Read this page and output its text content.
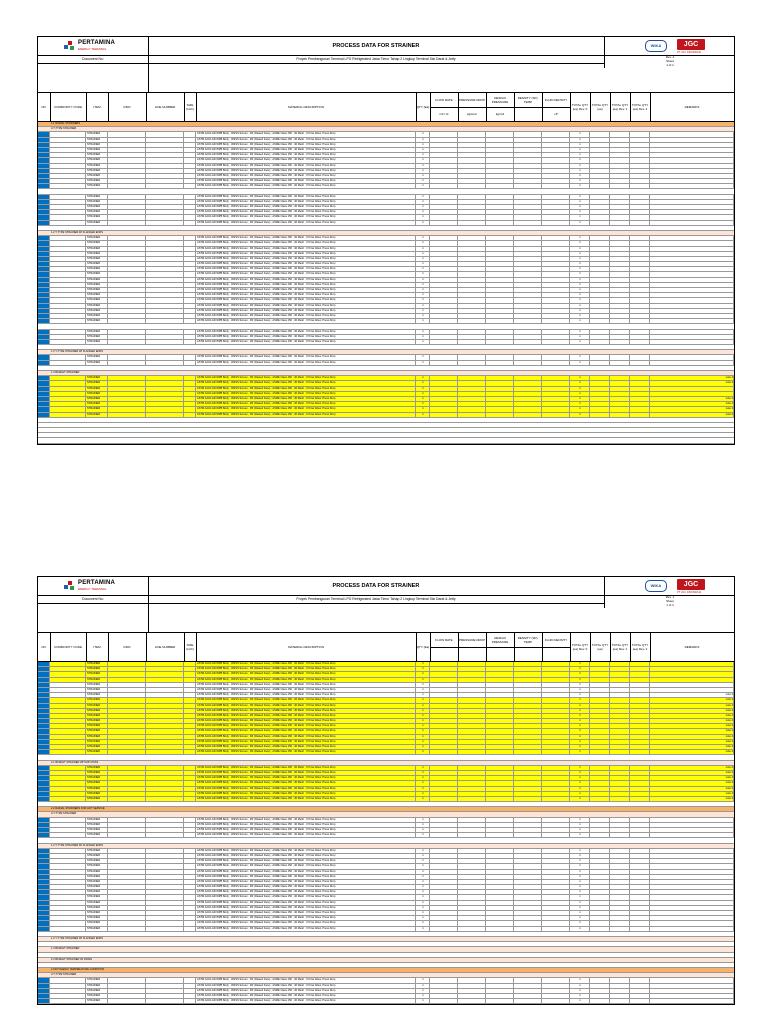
PERTAMINA
ENERGY TERMINAL
Document No:
PROCESS DATA FOR STRAINER
Proyek Pembangunan Terminal LPG Refrigerated Jawa Timur Tahap 2 Lingkup Terminal Sisi Darat & Jetty
WIKA	JGC
PT JGC INDONESIA
Rev. 1
Sheet
1 of 1
NO.	COMMODITY CODE	ITEM	P&ID	LINE NUMBER	SIZE (Inch)	MATERIAL DESCRIPTION	QTY (Ea)
FLOW RATE	PRESSURE DROP	DESIGN PRESSURE
DENSITY (SP), TEMP	FLUID DENSITY
m3 / hr	kg/cm2	kg/m3	cP
TOTAL QTY (ea) Rev. 0
TOTAL QTY (ea)
TOTAL QTY (ea) Rev. 1
TOTAL QTY (ea) Rev. 2	REMARKS
1.1 RADIAL STRAINERS
A T-TYPE STRAINER
STRAINER	ASTM A234-GR.WPB Body ; 304SS Screen ; RF (Raised Face) ; ASME Class 150 ; 40 Mesh ; 0.5 bar Allow. Press Drop	1	1
STRAINER	ASTM A234-GR.WPB Body ; 304SS Screen ; RF (Raised Face) ; ASME Class 150 ; 40 Mesh ; 0.5 bar Allow. Press Drop	1	1
STRAINER	ASTM A234-GR.WPB Body ; 304SS Screen ; RF (Raised Face) ; ASME Class 150 ; 40 Mesh ; 0.5 bar Allow. Press Drop	1	1
STRAINER	ASTM A234-GR.WPB Body ; 304SS Screen ; RF (Raised Face) ; ASME Class 150 ; 40 Mesh ; 0.5 bar Allow. Press Drop	1	1
STRAINER	ASTM A234-GR.WPB Body ; 304SS Screen ; RF (Raised Face) ; ASME Class 150 ; 40 Mesh ; 0.5 bar Allow. Press Drop	1	1
STRAINER	ASTM A234-GR.WPB Body ; 304SS Screen ; RF (Raised Face) ; ASME Class 150 ; 40 Mesh ; 0.5 bar Allow. Press Drop	1	1
STRAINER	ASTM A234-GR.WPB Body ; 304SS Screen ; RF (Raised Face) ; ASME Class 150 ; 40 Mesh ; 0.5 bar Allow. Press Drop	1	1
STRAINER	ASTM A234-GR.WPB Body ; 304SS Screen ; RF (Raised Face) ; ASME Class 150 ; 40 Mesh ; 0.5 bar Allow. Press Drop	1	1
STRAINER	ASTM A234-GR.WPB Body ; 304SS Screen ; RF (Raised Face) ; ASME Class 150 ; 40 Mesh ; 0.5 bar Allow. Press Drop	1	1
STRAINER	ASTM A234-GR.WPB Body ; 304SS Screen ; RF (Raised Face) ; ASME Class 150 ; 40 Mesh ; 0.5 bar Allow. Press Drop	1	1
STRAINER	ASTM A234-GR.WPB Body ; 304SS Screen ; RF (Raised Face) ; ASME Class 150 ; 40 Mesh ; 0.5 bar Allow. Press Drop	1	1
STRAINER	ASTM A234-GR.WPB Body ; 304SS Screen ; RF (Raised Face) ; ASME Class 150 ; 40 Mesh ; 0.5 bar Allow. Press Drop	1	1
STRAINER	ASTM A234-GR.WPB Body ; 304SS Screen ; RF (Raised Face) ; ASME Class 150 ; 40 Mesh ; 0.5 bar Allow. Press Drop	1	1
STRAINER	ASTM A234-GR.WPB Body ; 304SS Screen ; RF (Raised Face) ; ASME Class 150 ; 40 Mesh ; 0.5 bar Allow. Press Drop	1	1
STRAINER	ASTM A234-GR.WPB Body ; 304SS Screen ; RF (Raised Face) ; ASME Class 150 ; 40 Mesh ; 0.5 bar Allow. Press Drop	1	1
STRAINER	ASTM A234-GR.WPB Body ; 304SS Screen ; RF (Raised Face) ; ASME Class 150 ; 40 Mesh ; 0.5 bar Allow. Press Drop	1	1
STRAINER	ASTM A234-GR.WPB Body ; 304SS Screen ; RF (Raised Face) ; ASME Class 150 ; 40 Mesh ; 0.5 bar Allow. Press Drop	1	1
1.2 T-TYPE STRAINER W/ FLANGED ENDS
STRAINER	ASTM A234-GR.WPB Body ; 304SS Screen ; RF (Raised Face) ; ASME Class 150 ; 40 Mesh ; 0.5 bar Allow. Press Drop	1	1
STRAINER	ASTM A234-GR.WPB Body ; 304SS Screen ; RF (Raised Face) ; ASME Class 150 ; 40 Mesh ; 0.5 bar Allow. Press Drop	1	1
STRAINER	ASTM A234-GR.WPB Body ; 304SS Screen ; RF (Raised Face) ; ASME Class 150 ; 40 Mesh ; 0.5 bar Allow. Press Drop	1	1
STRAINER	ASTM A234-GR.WPB Body ; 304SS Screen ; RF (Raised Face) ; ASME Class 150 ; 40 Mesh ; 0.5 bar Allow. Press Drop	1	1
STRAINER	ASTM A234-GR.WPB Body ; 304SS Screen ; RF (Raised Face) ; ASME Class 150 ; 40 Mesh ; 0.5 bar Allow. Press Drop	1	1
STRAINER	ASTM A234-GR.WPB Body ; 304SS Screen ; RF (Raised Face) ; ASME Class 150 ; 40 Mesh ; 0.5 bar Allow. Press Drop	1	1
STRAINER	ASTM A234-GR.WPB Body ; 304SS Screen ; RF (Raised Face) ; ASME Class 150 ; 40 Mesh ; 0.5 bar Allow. Press Drop	1	1
STRAINER	ASTM A234-GR.WPB Body ; 304SS Screen ; RF (Raised Face) ; ASME Class 150 ; 40 Mesh ; 0.5 bar Allow. Press Drop	1	1
STRAINER	ASTM A234-GR.WPB Body ; 304SS Screen ; RF (Raised Face) ; ASME Class 150 ; 40 Mesh ; 0.5 bar Allow. Press Drop	1	1
STRAINER	ASTM A234-GR.WPB Body ; 304SS Screen ; RF (Raised Face) ; ASME Class 150 ; 40 Mesh ; 0.5 bar Allow. Press Drop	1	1
STRAINER	ASTM A234-GR.WPB Body ; 304SS Screen ; RF (Raised Face) ; ASME Class 150 ; 40 Mesh ; 0.5 bar Allow. Press Drop	1	1
STRAINER	ASTM A234-GR.WPB Body ; 304SS Screen ; RF (Raised Face) ; ASME Class 150 ; 40 Mesh ; 0.5 bar Allow. Press Drop	1	1
STRAINER	ASTM A234-GR.WPB Body ; 304SS Screen ; RF (Raised Face) ; ASME Class 150 ; 40 Mesh ; 0.5 bar Allow. Press Drop	1	1
STRAINER	ASTM A234-GR.WPB Body ; 304SS Screen ; RF (Raised Face) ; ASME Class 150 ; 40 Mesh ; 0.5 bar Allow. Press Drop	1	1
STRAINER	ASTM A234-GR.WPB Body ; 304SS Screen ; RF (Raised Face) ; ASME Class 150 ; 40 Mesh ; 0.5 bar Allow. Press Drop	1	1
STRAINER	ASTM A234-GR.WPB Body ; 304SS Screen ; RF (Raised Face) ; ASME Class 150 ; 40 Mesh ; 0.5 bar Allow. Press Drop	1	1
STRAINER	ASTM A234-GR.WPB Body ; 304SS Screen ; RF (Raised Face) ; ASME Class 150 ; 40 Mesh ; 0.5 bar Allow. Press Drop	1	1
STRAINER	ASTM A234-GR.WPB Body ; 304SS Screen ; RF (Raised Face) ; ASME Class 150 ; 40 Mesh ; 0.5 bar Allow. Press Drop	1	1
STRAINER	ASTM A234-GR.WPB Body ; 304SS Screen ; RF (Raised Face) ; ASME Class 150 ; 40 Mesh ; 0.5 bar Allow. Press Drop	1	1
STRAINER	ASTM A234-GR.WPB Body ; 304SS Screen ; RF (Raised Face) ; ASME Class 150 ; 40 Mesh ; 0.5 bar Allow. Press Drop	1	1
1.3 Y-TYPE STRAINER W/ FLANGED ENDS
STRAINER	ASTM A234-GR.WPB Body ; 304SS Screen ; RF (Raised Face) ; ASME Class 150 ; 40 Mesh ; 0.5 bar Allow. Press Drop	1	1
STRAINER	ASTM A234-GR.WPB Body ; 304SS Screen ; RF (Raised Face) ; ASME Class 150 ; 40 Mesh ; 0.5 bar Allow. Press Drop	1	1
1.4 BASKET STRAINER
STRAINER	ASTM A234-GR.WPB Body ; 304SS Screen ; RF (Raised Face) ; ASME Class 150 ; 40 Mesh ; 0.5 bar Allow. Press Drop	1	1	note 4
STRAINER	ASTM A234-GR.WPB Body ; 304SS Screen ; RF (Raised Face) ; ASME Class 150 ; 40 Mesh ; 0.5 bar Allow. Press Drop	1	1	note 4
STRAINER	ASTM A234-GR.WPB Body ; 304SS Screen ; RF (Raised Face) ; ASME Class 150 ; 40 Mesh ; 0.5 bar Allow. Press Drop	1	1
STRAINER	ASTM A234-GR.WPB Body ; 304SS Screen ; RF (Raised Face) ; ASME Class 150 ; 40 Mesh ; 0.5 bar Allow. Press Drop	1	1
STRAINER	ASTM A234-GR.WPB Body ; 304SS Screen ; RF (Raised Face) ; ASME Class 150 ; 40 Mesh ; 0.5 bar Allow. Press Drop	1	1	note 4
STRAINER	ASTM A234-GR.WPB Body ; 304SS Screen ; RF (Raised Face) ; ASME Class 150 ; 40 Mesh ; 0.5 bar Allow. Press Drop	1	1	note 4
STRAINER	ASTM A234-GR.WPB Body ; 304SS Screen ; RF (Raised Face) ; ASME Class 150 ; 40 Mesh ; 0.5 bar Allow. Press Drop	1	1	note 4
STRAINER	ASTM A234-GR.WPB Body ; 304SS Screen ; RF (Raised Face) ; ASME Class 150 ; 40 Mesh ; 0.5 bar Allow. Press Drop	1	1	note 4
PERTAMINA
ENERGY TERMINAL
Document No:
PROCESS DATA FOR STRAINER
Proyek Pembangunan Terminal LPG Refrigerated Jawa Timur Tahap 2 Lingkup Terminal Sisi Darat & Jetty
WIKA	JGC
PT JGC INDONESIA
Rev. 1
Sheet
1 of 1
NO.	COMMODITY CODE	ITEM	P&ID	LINE NUMBER	SIZE (Inch)	MATERIAL DESCRIPTION	QTY (Ea)
FLOW RATE	PRESSURE DROP	DESIGN PRESSURE
DENSITY (SP), TEMP	FLUID DENSITY
TOTAL QTY (ea) Rev. 0
TOTAL QTY (ea)
TOTAL QTY (ea) Rev. 1
TOTAL QTY (ea) Rev. 2	REMARKS
STRAINER	ASTM A234-GR.WPB Body ; 304SS Screen ; RF (Raised Face) ; ASME Class 150 ; 40 Mesh ; 0.5 bar Allow. Press Drop	1	1
STRAINER	ASTM A234-GR.WPB Body ; 304SS Screen ; RF (Raised Face) ; ASME Class 150 ; 40 Mesh ; 0.5 bar Allow. Press Drop	1	1
STRAINER	ASTM A234-GR.WPB Body ; 304SS Screen ; RF (Raised Face) ; ASME Class 150 ; 40 Mesh ; 0.5 bar Allow. Press Drop	1	1
STRAINER	ASTM A234-GR.WPB Body ; 304SS Screen ; RF (Raised Face) ; ASME Class 150 ; 40 Mesh ; 0.5 bar Allow. Press Drop	1	1
STRAINER	ASTM A234-GR.WPB Body ; 304SS Screen ; RF (Raised Face) ; ASME Class 150 ; 40 Mesh ; 0.5 bar Allow. Press Drop	1	1
STRAINER	ASTM A234-GR.WPB Body ; 304SS Screen ; RF (Raised Face) ; ASME Class 150 ; 40 Mesh ; 0.5 bar Allow. Press Drop	1	1
STRAINER	ASTM A234-GR.WPB Body ; 304SS Screen ; RF (Raised Face) ; ASME Class 150 ; 40 Mesh ; 0.5 bar Allow. Press Drop	1	1	note 4
STRAINER	ASTM A234-GR.WPB Body ; 304SS Screen ; RF (Raised Face) ; ASME Class 150 ; 40 Mesh ; 0.5 bar Allow. Press Drop	1	1	note 4
STRAINER	ASTM A234-GR.WPB Body ; 304SS Screen ; RF (Raised Face) ; ASME Class 150 ; 40 Mesh ; 0.5 bar Allow. Press Drop	1	1	note 4
STRAINER	ASTM A234-GR.WPB Body ; 304SS Screen ; RF (Raised Face) ; ASME Class 150 ; 40 Mesh ; 0.5 bar Allow. Press Drop	1	1	note 4
STRAINER	ASTM A234-GR.WPB Body ; 304SS Screen ; RF (Raised Face) ; ASME Class 150 ; 40 Mesh ; 0.5 bar Allow. Press Drop	1	1	note 4
STRAINER	ASTM A234-GR.WPB Body ; 304SS Screen ; RF (Raised Face) ; ASME Class 150 ; 40 Mesh ; 0.5 bar Allow. Press Drop	1	1	note 4
STRAINER	ASTM A234-GR.WPB Body ; 304SS Screen ; RF (Raised Face) ; ASME Class 150 ; 40 Mesh ; 0.5 bar Allow. Press Drop	1	1	note 4
STRAINER	ASTM A234-GR.WPB Body ; 304SS Screen ; RF (Raised Face) ; ASME Class 150 ; 40 Mesh ; 0.5 bar Allow. Press Drop	1	1	note 4
STRAINER	ASTM A234-GR.WPB Body ; 304SS Screen ; RF (Raised Face) ; ASME Class 150 ; 40 Mesh ; 0.5 bar Allow. Press Drop	1	1	note 4
STRAINER	ASTM A234-GR.WPB Body ; 304SS Screen ; RF (Raised Face) ; ASME Class 150 ; 40 Mesh ; 0.5 bar Allow. Press Drop	1	1	note 4
STRAINER	ASTM A234-GR.WPB Body ; 304SS Screen ; RF (Raised Face) ; ASME Class 150 ; 40 Mesh ; 0.5 bar Allow. Press Drop	1	1	note 4
STRAINER	ASTM A234-GR.WPB Body ; 304SS Screen ; RF (Raised Face) ; ASME Class 150 ; 40 Mesh ; 0.5 bar Allow. Press Drop	1	1	note 4
2.1 BASKET STRAINER WITH BY-PASS
STRAINER	ASTM A234-GR.WPB Body ; 304SS Screen ; RF (Raised Face) ; ASME Class 150 ; 40 Mesh ; 0.5 bar Allow. Press Drop	1	1	note 4
STRAINER	ASTM A234-GR.WPB Body ; 304SS Screen ; RF (Raised Face) ; ASME Class 150 ; 40 Mesh ; 0.5 bar Allow. Press Drop	1	1	note 4
STRAINER	ASTM A234-GR.WPB Body ; 304SS Screen ; RF (Raised Face) ; ASME Class 150 ; 40 Mesh ; 0.5 bar Allow. Press Drop	1	1	note 4
STRAINER	ASTM A234-GR.WPB Body ; 304SS Screen ; RF (Raised Face) ; ASME Class 150 ; 40 Mesh ; 0.5 bar Allow. Press Drop	1	1	note 4
STRAINER	ASTM A234-GR.WPB Body ; 304SS Screen ; RF (Raised Face) ; ASME Class 150 ; 40 Mesh ; 0.5 bar Allow. Press Drop	1	1	note 4
STRAINER	ASTM A234-GR.WPB Body ; 304SS Screen ; RF (Raised Face) ; ASME Class 150 ; 40 Mesh ; 0.5 bar Allow. Press Drop	1	1	note 4
STRAINER	ASTM A234-GR.WPB Body ; 304SS Screen ; RF (Raised Face) ; ASME Class 150 ; 40 Mesh ; 0.5 bar Allow. Press Drop	1	1	note 4
2.2 RADIAL STRAINERS FOR HOT SERVICE
A T-TYPE STRAINER
STRAINER	ASTM A234-GR.WPB Body ; 304SS Screen ; RF (Raised Face) ; ASME Class 150 ; 40 Mesh ; 0.5 bar Allow. Press Drop	1	1
STRAINER	ASTM A234-GR.WPB Body ; 304SS Screen ; RF (Raised Face) ; ASME Class 150 ; 40 Mesh ; 0.5 bar Allow. Press Drop	1	1
STRAINER	ASTM A234-GR.WPB Body ; 304SS Screen ; RF (Raised Face) ; ASME Class 150 ; 40 Mesh ; 0.5 bar Allow. Press Drop	1	1
STRAINER	ASTM A234-GR.WPB Body ; 304SS Screen ; RF (Raised Face) ; ASME Class 150 ; 40 Mesh ; 0.5 bar Allow. Press Drop	1	1
1.2 T-TYPE STRAINER W/ FLANGED ENDS
STRAINER	ASTM A234-GR.WPB Body ; 304SS Screen ; RF (Raised Face) ; ASME Class 150 ; 40 Mesh ; 0.5 bar Allow. Press Drop	1	1
STRAINER	ASTM A234-GR.WPB Body ; 304SS Screen ; RF (Raised Face) ; ASME Class 150 ; 40 Mesh ; 0.5 bar Allow. Press Drop	1	1
STRAINER	ASTM A234-GR.WPB Body ; 304SS Screen ; RF (Raised Face) ; ASME Class 150 ; 40 Mesh ; 0.5 bar Allow. Press Drop	1	1
STRAINER	ASTM A234-GR.WPB Body ; 304SS Screen ; RF (Raised Face) ; ASME Class 150 ; 40 Mesh ; 0.5 bar Allow. Press Drop	1	1
STRAINER	ASTM A234-GR.WPB Body ; 304SS Screen ; RF (Raised Face) ; ASME Class 150 ; 40 Mesh ; 0.5 bar Allow. Press Drop	1	1
STRAINER	ASTM A234-GR.WPB Body ; 304SS Screen ; RF (Raised Face) ; ASME Class 150 ; 40 Mesh ; 0.5 bar Allow. Press Drop	1	1
STRAINER	ASTM A234-GR.WPB Body ; 304SS Screen ; RF (Raised Face) ; ASME Class 150 ; 40 Mesh ; 0.5 bar Allow. Press Drop	1	1
STRAINER	ASTM A234-GR.WPB Body ; 304SS Screen ; RF (Raised Face) ; ASME Class 150 ; 40 Mesh ; 0.5 bar Allow. Press Drop	1	1
STRAINER	ASTM A234-GR.WPB Body ; 304SS Screen ; RF (Raised Face) ; ASME Class 150 ; 40 Mesh ; 0.5 bar Allow. Press Drop	1	1
STRAINER	ASTM A234-GR.WPB Body ; 304SS Screen ; RF (Raised Face) ; ASME Class 150 ; 40 Mesh ; 0.5 bar Allow. Press Drop	1	1
STRAINER	ASTM A234-GR.WPB Body ; 304SS Screen ; RF (Raised Face) ; ASME Class 150 ; 40 Mesh ; 0.5 bar Allow. Press Drop	1	1
STRAINER	ASTM A234-GR.WPB Body ; 304SS Screen ; RF (Raised Face) ; ASME Class 150 ; 40 Mesh ; 0.5 bar Allow. Press Drop	1	1
STRAINER	ASTM A234-GR.WPB Body ; 304SS Screen ; RF (Raised Face) ; ASME Class 150 ; 40 Mesh ; 0.5 bar Allow. Press Drop	1	1
STRAINER	ASTM A234-GR.WPB Body ; 304SS Screen ; RF (Raised Face) ; ASME Class 150 ; 40 Mesh ; 0.5 bar Allow. Press Drop	1	1
STRAINER	ASTM A234-GR.WPB Body ; 304SS Screen ; RF (Raised Face) ; ASME Class 150 ; 40 Mesh ; 0.5 bar Allow. Press Drop	1	1
STRAINER	ASTM A234-GR.WPB Body ; 304SS Screen ; RF (Raised Face) ; ASME Class 150 ; 40 Mesh ; 0.5 bar Allow. Press Drop	1	1
1.3 Y-TYPE STRAINER W/ FLANGED ENDS
1.4 BASKET STRAINER
2.3 BASKET STRAINER W/ DRAIN
3 CRYOGENIC TEMPERATURE CONDITION
A T-TYPE STRAINER
STRAINER	ASTM A234-GR.WPB Body ; 304SS Screen ; RF (Raised Face) ; ASME Class 150 ; 40 Mesh ; 0.5 bar Allow. Press Drop	1	1
STRAINER	ASTM A234-GR.WPB Body ; 304SS Screen ; RF (Raised Face) ; ASME Class 150 ; 40 Mesh ; 0.5 bar Allow. Press Drop	1	1
STRAINER	ASTM A234-GR.WPB Body ; 304SS Screen ; RF (Raised Face) ; ASME Class 150 ; 40 Mesh ; 0.5 bar Allow. Press Drop	1	1
STRAINER	ASTM A234-GR.WPB Body ; 304SS Screen ; RF (Raised Face) ; ASME Class 150 ; 40 Mesh ; 0.5 bar Allow. Press Drop	1	1
STRAINER	ASTM A234-GR.WPB Body ; 304SS Screen ; RF (Raised Face) ; ASME Class 150 ; 40 Mesh ; 0.5 bar Allow. Press Drop	1	1
